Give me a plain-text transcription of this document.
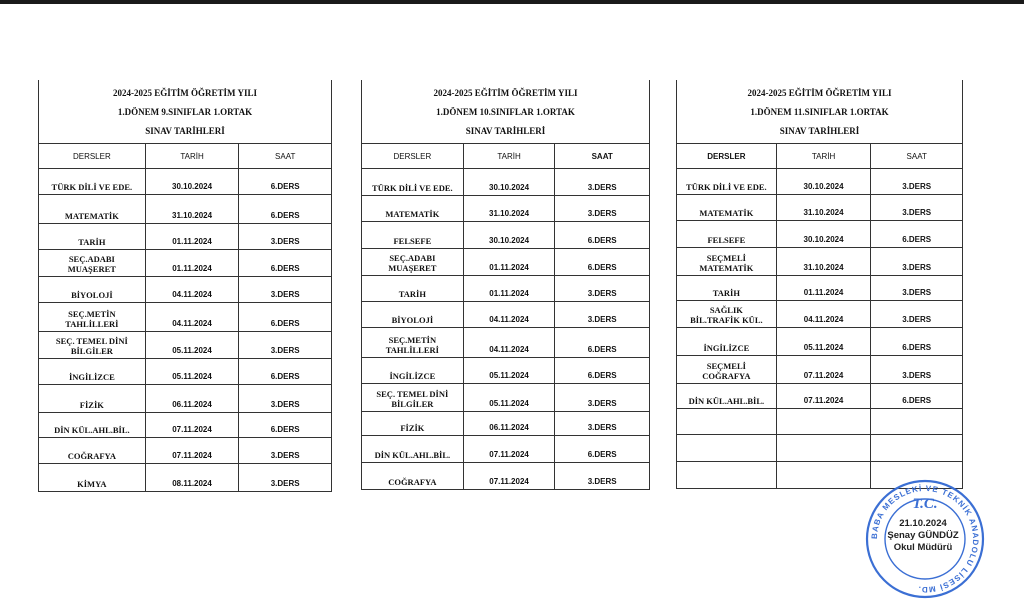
2024-2025 EĞİTİM ÖĞRETİM YILI
1.DÖNEM 9.SINIFLAR 1.ORTAK
SINAV TARİHLERİ		

DERSLER	TARİH	SAAT
TÜRK DİLİ VE EDE.	30.10.2024	6.DERS
MATEMATİK	31.10.2024	6.DERS
TARİH	01.11.2024	3.DERS
SEÇ.ADABI
MUAŞERET	01.11.2024	6.DERS
BİYOLOJİ	04.11.2024	3.DERS
SEÇ.METİN
TAHLİLLERİ	04.11.2024	6.DERS
SEÇ. TEMEL DİNİ
BİLGİLER	05.11.2024	3.DERS
İNGİLİZCE	05.11.2024	6.DERS
FİZİK	06.11.2024	3.DERS
DİN KÜL.AHL.BİL.	07.11.2024	6.DERS
COĞRAFYA	07.11.2024	3.DERS
KİMYA	08.11.2024	3.DERS
2024-2025 EĞİTİM ÖĞRETİM YILI
1.DÖNEM 10.SINIFLAR 1.ORTAK
SINAV TARİHLERİ		

DERSLER	TARİH	SAAT
TÜRK DİLİ VE EDE.	30.10.2024	3.DERS
MATEMATİK	31.10.2024	3.DERS
FELSEFE	30.10.2024	6.DERS
SEÇ.ADABI
MUAŞERET	01.11.2024	6.DERS
TARİH	01.11.2024	3.DERS
BİYOLOJİ	04.11.2024	3.DERS
SEÇ.METİN
TAHLİLLERİ	04.11.2024	6.DERS
İNGİLİZCE	05.11.2024	6.DERS
SEÇ. TEMEL DİNİ
BİLGİLER	05.11.2024	3.DERS
FİZİK	06.11.2024	3.DERS
DİN KÜL.AHL.BİL.	07.11.2024	6.DERS
COĞRAFYA	07.11.2024	3.DERS
2024-2025 EĞİTİM ÖĞRETİM YILI
1.DÖNEM 11.SINIFLAR 1.ORTAK
SINAV TARİHLERİ		

DERSLER	TARİH	SAAT
TÜRK DİLİ VE EDE.	30.10.2024	3.DERS
MATEMATİK	31.10.2024	3.DERS
FELSEFE	30.10.2024	6.DERS
SEÇMELİ
MATEMATİK	31.10.2024	3.DERS
TARİH	01.11.2024	3.DERS
SAĞLIK
BİL.TRAFİK KÜL.	04.11.2024	3.DERS
İNGİLİZCE	05.11.2024	6.DERS
SEÇMELİ
COĞRAFYA	07.11.2024	3.DERS
DİN KÜL.AHL.BİL.	07.11.2024	6.DERS

BABA MESLEKİ VE TEKNİK ANADOLU LİSESİ MD.
T.C.
21.10.2024
Şenay GÜNDÜZ
Okul Müdürü
